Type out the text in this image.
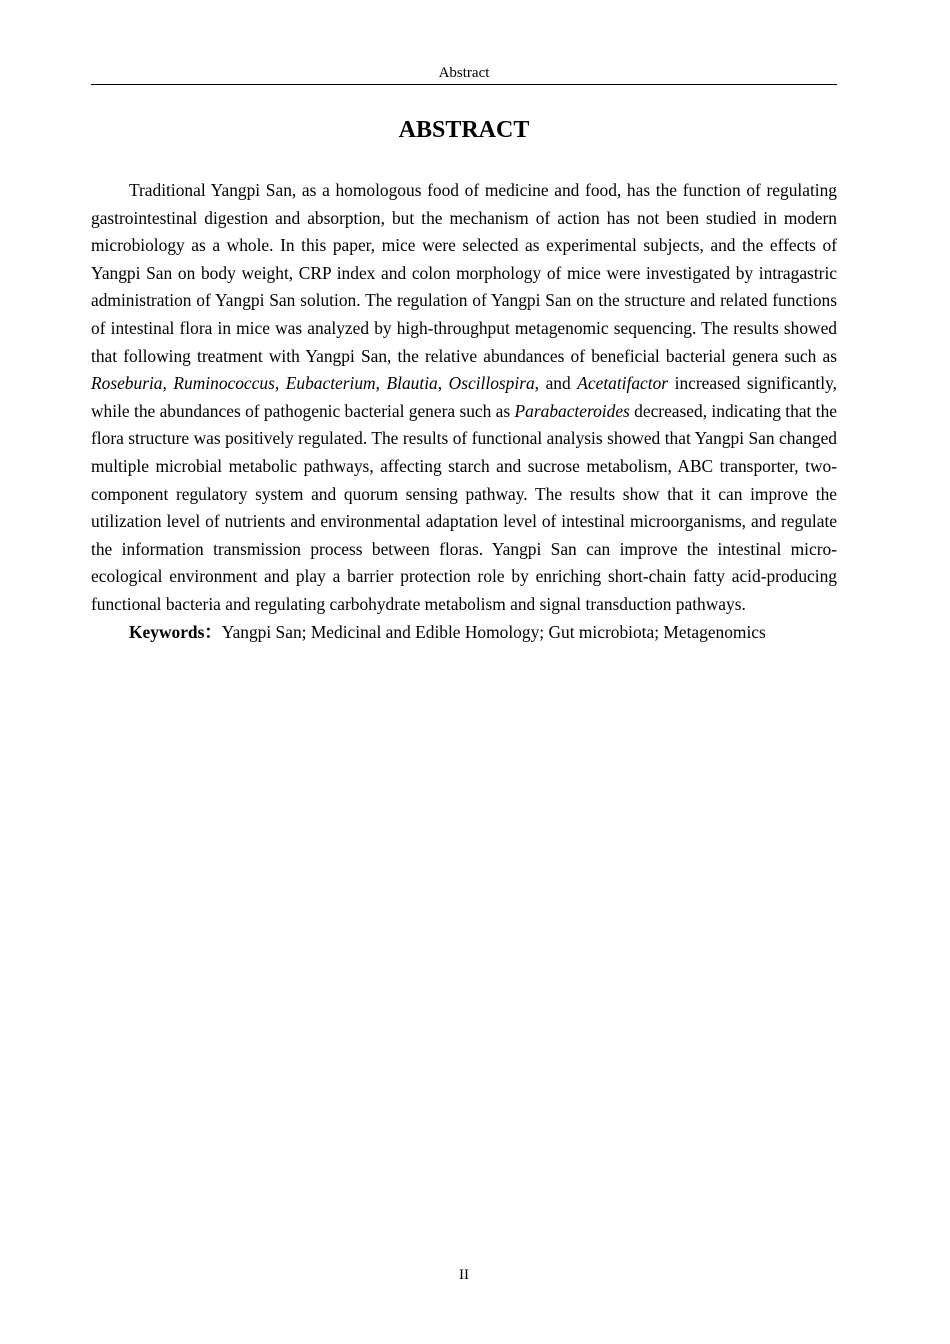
Abstract
ABSTRACT

Traditional Yangpi San, as a homologous food of medicine and food, has the function of regulating gastrointestinal digestion and absorption, but the mechanism of action has not been studied in modern microbiology as a whole. In this paper, mice were selected as experimental subjects, and the effects of Yangpi San on body weight, CRP index and colon morphology of mice were investigated by intragastric administration of Yangpi San solution. The regulation of Yangpi San on the structure and related functions of intestinal flora in mice was analyzed by high-throughput metagenomic sequencing. The results showed that following treatment with Yangpi San, the relative abundances of beneficial bacterial genera such as Roseburia, Ruminococcus, Eubacterium, Blautia, Oscillospira, and Acetatifactor increased significantly, while the abundances of pathogenic bacterial genera such as Parabacteroides decreased, indicating that the flora structure was positively regulated. The results of functional analysis showed that Yangpi San changed multiple microbial metabolic pathways, affecting starch and sucrose metabolism, ABC transporter, two-component regulatory system and quorum sensing pathway. The results show that it can improve the utilization level of nutrients and environmental adaptation level of intestinal microorganisms, and regulate the information transmission process between floras. Yangpi San can improve the intestinal micro-ecological environment and play a barrier protection role by enriching short-chain fatty acid-producing functional bacteria and regulating carbohydrate metabolism and signal transduction pathways.

Keywords：Yangpi San; Medicinal and Edible Homology; Gut microbiota; Metagenomics

II
